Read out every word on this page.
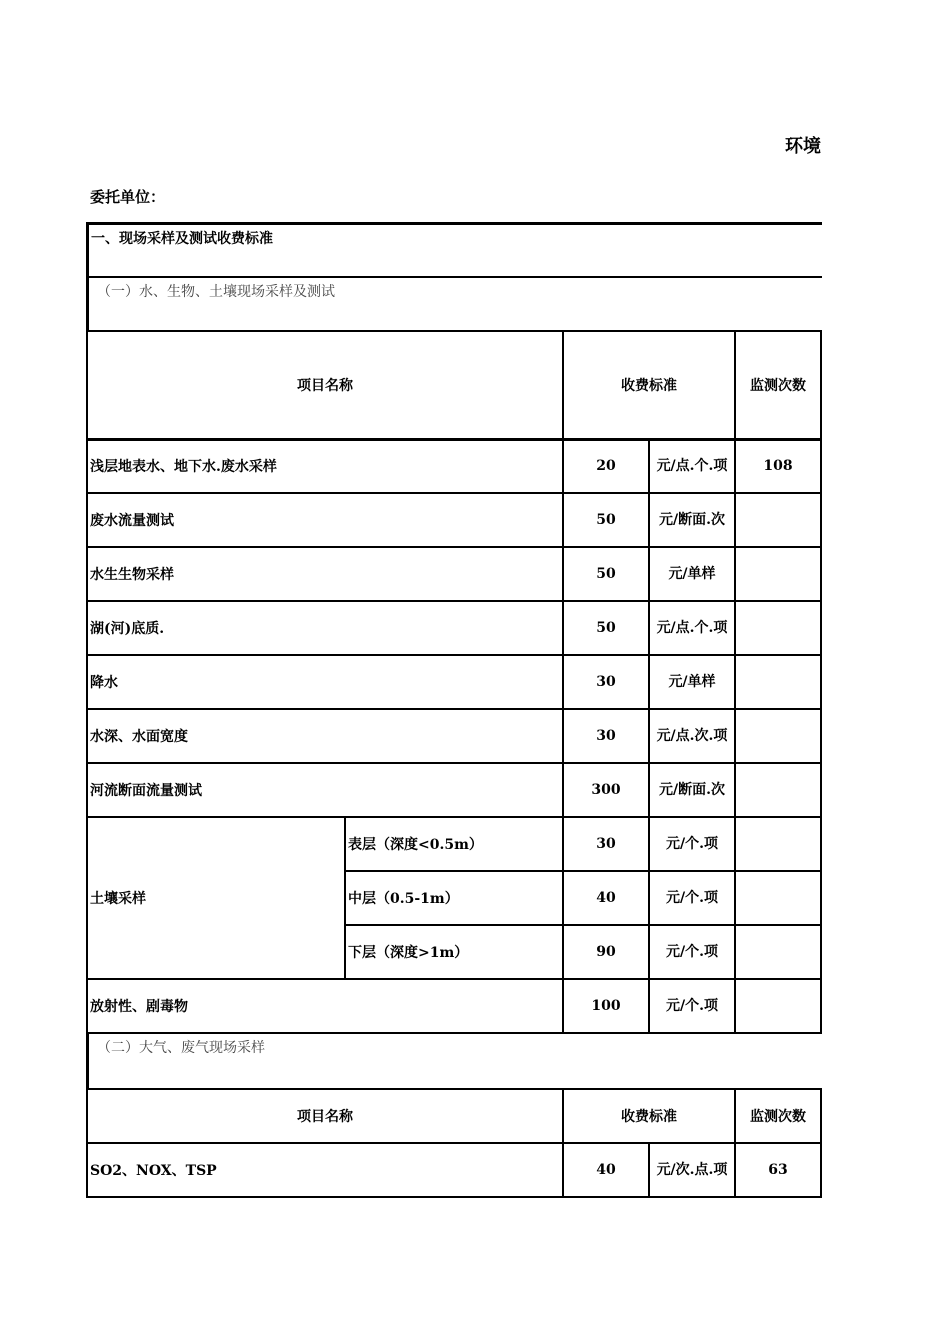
环境
委托单位：
一、现场采样及测试收费标准
（一）水、生物、土壤现场采样及测试
项目名称		收费标准		监测次数
浅层地表水、地下水.废水采样		20	元/点.个.项	108
废水流量测试		50	元/断面.次	
水生生物采样		50	元/单样	
湖(河)底质.		50	元/点.个.项	
降水		30	元/单样	
水深、水面宽度		30	元/点.次.项	
河流断面流量测试		300	元/断面.次	
土壤采样	表层（深度<0.5m）	30	元/个.项	
	中层（0.5-1m）	40	元/个.项	
	下层（深度>1m）	90	元/个.项	
放射性、剧毒物		100	元/个.项	
（二）大气、废气现场采样
项目名称	收费标准		监测次数
SO2、NOX、TSP	40	元/次.点.项	63
